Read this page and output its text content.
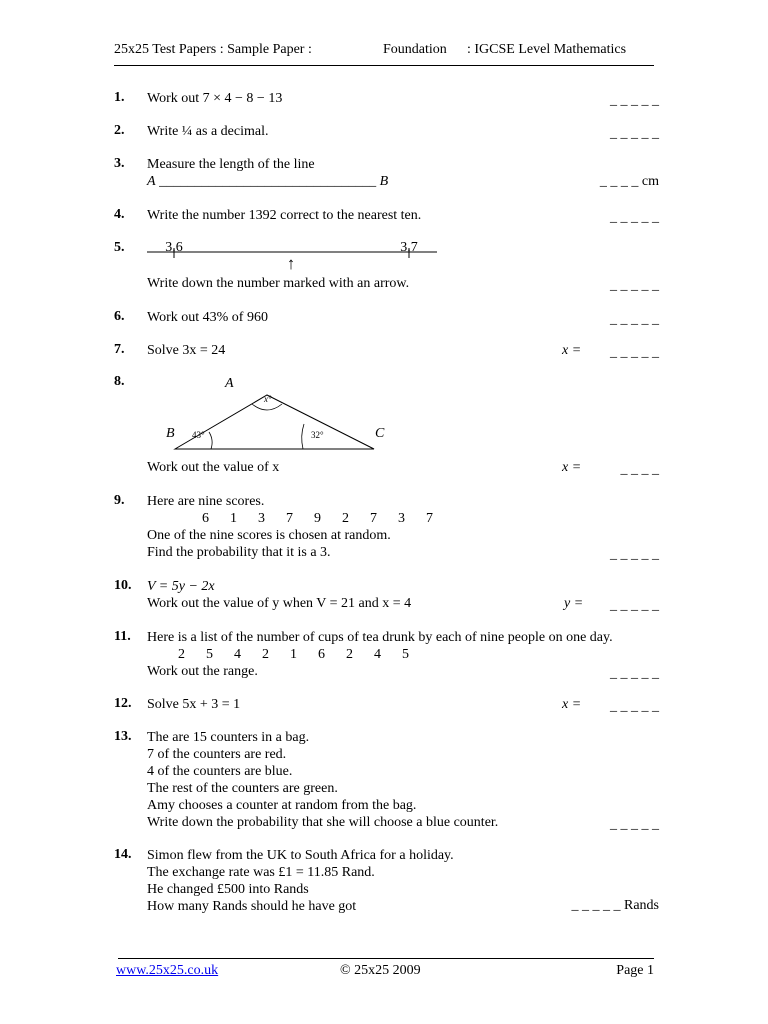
25x25 Test Papers : Sample Paper :	Foundation : IGCSE Level Mathematics
1. Work out 7 × 4 − 8 − 13	_ _ _ _ _
2. Write ¼ as a decimal.	_ _ _ _ _
3. Measure the length of the line
A _______________________________ B	_ _ _ _ cm
4. Write the number 1392 correct to the nearest ten.	_ _ _ _ _
5.	3.6	3.7
↑
Write down the number marked with an arrow.	_ _ _ _ _
6. Work out 43% of 960	_ _ _ _ _
7. Solve 3x = 24	x = _ _ _ _ _
8.	A
B	C
x°
43°	32°
Work out the value of x	x =	_ _ _ _
9. Here are nine scores.
6      1      3      7      9      2      7      3      7
One of the nine scores is chosen at random.
Find the probability that it is a 3.	_ _ _ _ _
10. V = 5y − 2x
Work out the value of y when V = 21 and x = 4	y = _ _ _ _ _
11. Here is a list of the number of cups of tea drunk by each of nine people on one day.
2      5      4      2      1      6      2      4      5
Work out the range.	_ _ _ _ _
12. Solve 5x + 3 = 1	x = _ _ _ _ _
13. The are 15 counters in a bag.
7 of the counters are red.
4 of the counters are blue.
The rest of the counters are green.
Amy chooses a counter at random from the bag.
Write down the probability that she will choose a blue counter.	_ _ _ _ _
14. Simon flew from the UK to South Africa for a holiday.
The exchange rate was £1 = 11.85 Rand.
He changed £500 into Rands
How many Rands should he have got	_ _ _ _ _ Rands
www.25x25.co.uk	© 25x25 2009	Page 1
